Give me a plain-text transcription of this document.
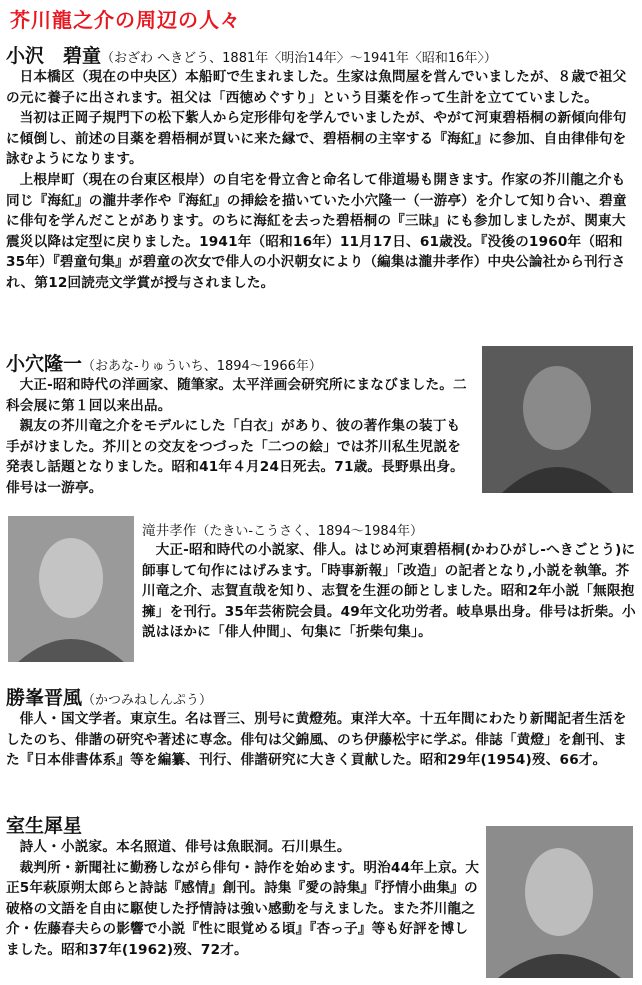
芥川龍之介の周辺の人々
小沢　碧童（おざわ へきどう、1881年〈明治14年〉～1941年〈昭和16年〉）

日本橋区（現在の中央区）本船町で生まれました。生家は魚問屋を営んでいましたが、８歳で祖父の元に養子に出されます。祖父は「西徳めぐすり」という目薬を作って生計を立てていました。

当初は正岡子規門下の松下紫人から定形俳句を学んでいましたが、やがて河東碧梧桐の新傾向俳句に傾倒し、前述の目薬を碧梧桐が買いに来た縁で、碧梧桐の主宰する『海紅』に参加、自由律俳句を詠むようになります。

上根岸町（現在の台東区根岸）の自宅を骨立舎と命名して俳道場も開きます。作家の芥川龍之介も同じ『海紅』の瀧井孝作や『海紅』の挿絵を描いていた小穴隆一（一游亭）を介して知り合い、碧童に俳句を学んだことがあります。のちに海紅を去った碧梧桐の『三昧』にも参加しましたが、関東大震災以降は定型に戻りました。1941年（昭和16年）11月17日、61歳没。『没後の1960年（昭和35年）『碧童句集』が碧童の次女で俳人の小沢朝女により（編集は瀧井孝作）中央公論社から刊行され、第12回読売文学賞が授与されました。

小穴隆一（おあな-りゅういち、1894～1966年）

大正-昭和時代の洋画家、随筆家。太平洋画会研究所にまなびました。二科会展に第１回以来出品。

親友の芥川竜之介をモデルにした「白衣」があり、彼の著作集の装丁も手がけました。芥川との交友をつづった「二つの絵」では芥川私生児説を発表し話題となりました。昭和41年４月24日死去。71歳。長野県出身。俳号は一游亭。

滝井孝作（たきい-こうさく、1894～1984年）

大正-昭和時代の小説家、俳人。はじめ河東碧梧桐(かわひがし-へきごとう)に師事して句作にはげみます。「時事新報」「改造」の記者となり,小説を執筆。芥川竜之介、志賀直哉を知り、志賀を生涯の師としました。昭和2年小説「無限抱擁」を刊行。35年芸術院会員。49年文化功労者。岐阜県出身。俳号は折柴。小説はほかに「俳人仲間」、句集に「折柴句集」。

勝峯晋風（かつみねしんぷう）

俳人・国文学者。東京生。名は晋三、別号に黄燈苑。東洋大卒。十五年間にわたり新聞記者生活をしたのち、俳諧の研究や著述に専念。俳句は父錦風、のち伊藤松宇に学ぶ。俳誌「黄燈」を創刊、また『日本俳書体系』等を編纂、刊行、俳諧研究に大きく貢献した。昭和29年(1954)歿、66才。

室生犀星

詩人・小説家。本名照道、俳号は魚眠洞。石川県生。

裁判所・新聞社に勤務しながら俳句・詩作を始めます。明治44年上京。大正5年萩原朔太郎らと詩誌『感情』創刊。詩集『愛の詩集』『抒情小曲集』の破格の文語を自由に駆使した抒情詩は強い感動を与えました。また芥川龍之介・佐藤春夫らの影響で小説『性に眼覚める頃』『杏っ子』等も好評を博しました。昭和37年(1962)歿、72才。
